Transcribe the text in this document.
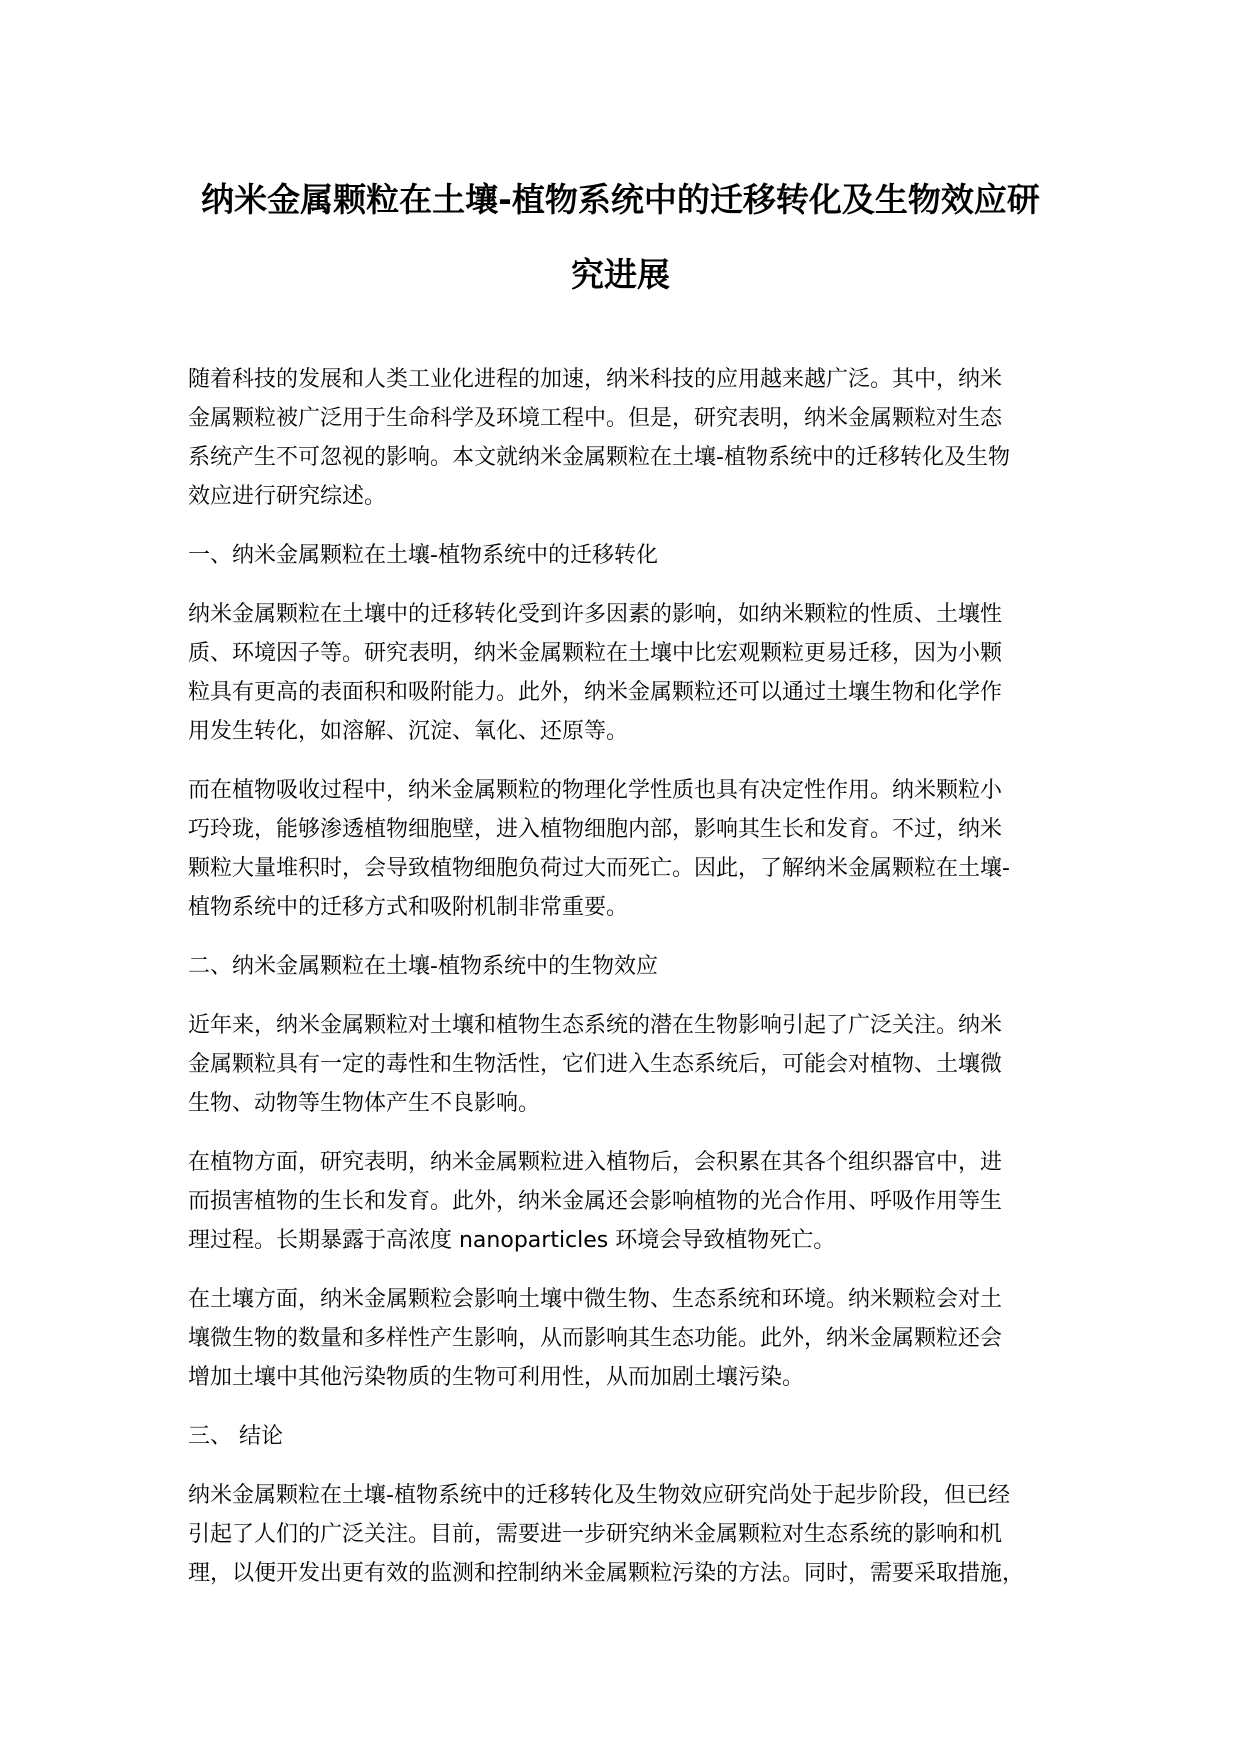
纳米金属颗粒在土壤-植物系统中的迁移转化及生物效应研
究进展

随着科技的发展和人类工业化进程的加速，纳米科技的应用越来越广泛。其中，纳米
金属颗粒被广泛用于生命科学及环境工程中。但是，研究表明，纳米金属颗粒对生态
系统产生不可忽视的影响。本文就纳米金属颗粒在土壤-植物系统中的迁移转化及生物
效应进行研究综述。

一、纳米金属颗粒在土壤-植物系统中的迁移转化

纳米金属颗粒在土壤中的迁移转化受到许多因素的影响，如纳米颗粒的性质、土壤性
质、环境因子等。研究表明，纳米金属颗粒在土壤中比宏观颗粒更易迁移，因为小颗
粒具有更高的表面积和吸附能力。此外，纳米金属颗粒还可以通过土壤生物和化学作
用发生转化，如溶解、沉淀、氧化、还原等。

而在植物吸收过程中，纳米金属颗粒的物理化学性质也具有决定性作用。纳米颗粒小
巧玲珑，能够渗透植物细胞壁，进入植物细胞内部，影响其生长和发育。不过，纳米
颗粒大量堆积时，会导致植物细胞负荷过大而死亡。因此，了解纳米金属颗粒在土壤-
植物系统中的迁移方式和吸附机制非常重要。

二、纳米金属颗粒在土壤-植物系统中的生物效应

近年来，纳米金属颗粒对土壤和植物生态系统的潜在生物影响引起了广泛关注。纳米
金属颗粒具有一定的毒性和生物活性，它们进入生态系统后，可能会对植物、土壤微
生物、动物等生物体产生不良影响。

在植物方面，研究表明，纳米金属颗粒进入植物后，会积累在其各个组织器官中，进
而损害植物的生长和发育。此外，纳米金属还会影响植物的光合作用、呼吸作用等生
理过程。长期暴露于高浓度 nanoparticles 环境会导致植物死亡。

在土壤方面，纳米金属颗粒会影响土壤中微生物、生态系统和环境。纳米颗粒会对土
壤微生物的数量和多样性产生影响，从而影响其生态功能。此外，纳米金属颗粒还会
增加土壤中其他污染物质的生物可利用性，从而加剧土壤污染。

三、 结论

纳米金属颗粒在土壤-植物系统中的迁移转化及生物效应研究尚处于起步阶段，但已经
引起了人们的广泛关注。目前，需要进一步研究纳米金属颗粒对生态系统的影响和机
理，以便开发出更有效的监测和控制纳米金属颗粒污染的方法。同时，需要采取措施，
